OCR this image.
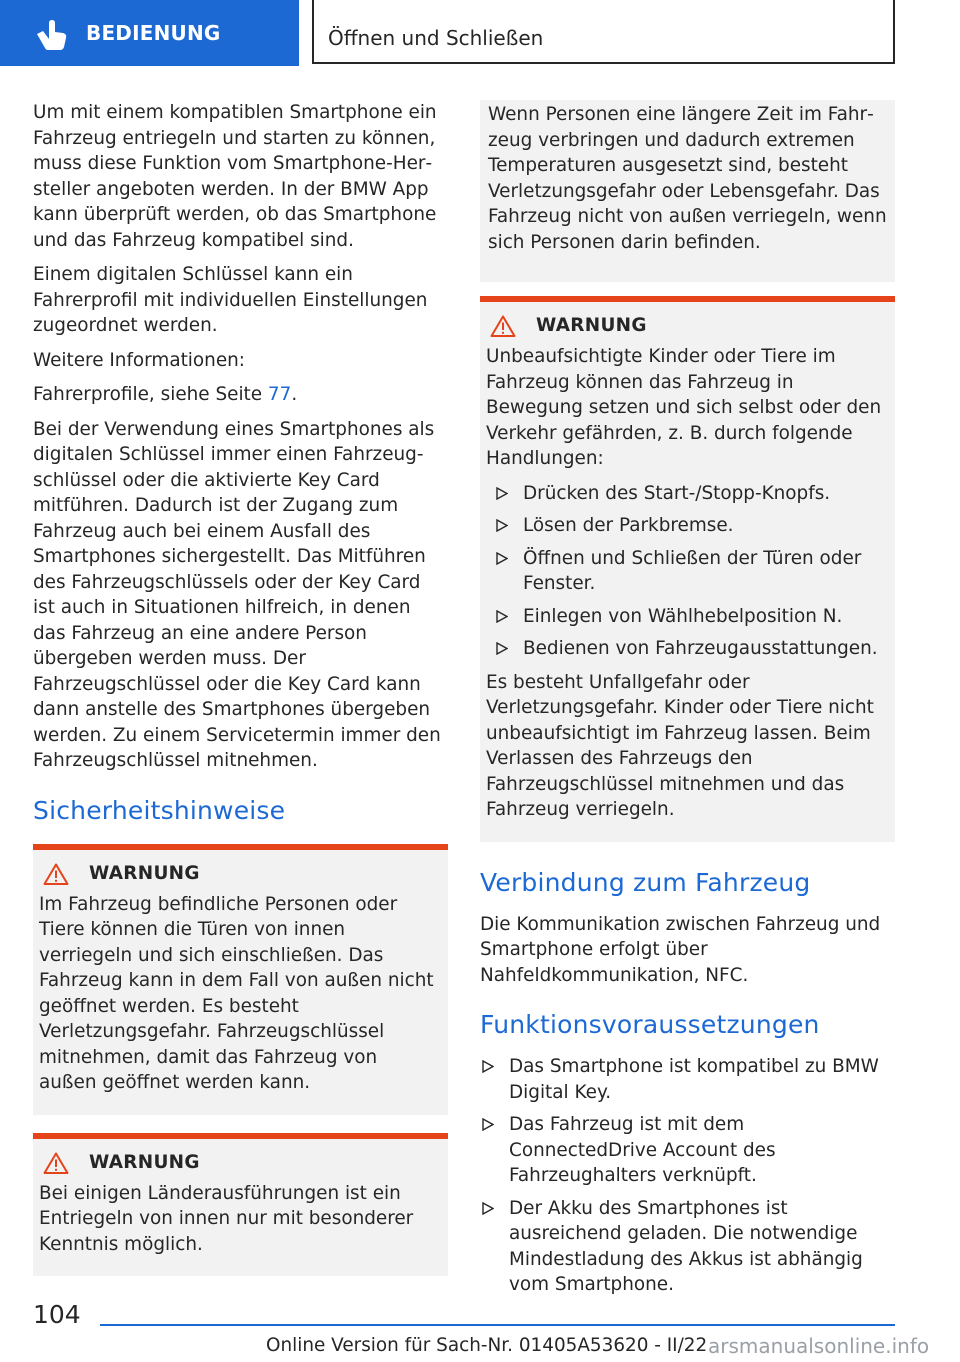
BEDIENUNG	Öffnen und Schließen

Um mit einem kompatiblen Smartphone ein Fahrzeug entriegeln und starten zu können, muss diese Funktion vom Smartphone-Hersteller angeboten werden. In der BMW App kann überprüft werden, ob das Smartphone und das Fahrzeug kompatibel sind.

Einem digitalen Schlüssel kann ein Fahrerprofil mit individuellen Einstellungen zugeordnet werden.

Weitere Informationen:

Fahrerprofile, siehe Seite 77.

Bei der Verwendung eines Smartphones als digitalen Schlüssel immer einen Fahrzeugschlüssel oder die aktivierte Key Card mitführen. Dadurch ist der Zugang zum Fahrzeug auch bei einem Ausfall des Smartphones sichergestellt. Das Mitführen des Fahrzeugschlüssels oder der Key Card ist auch in Situationen hilfreich, in denen das Fahrzeug an eine andere Person übergeben werden muss. Der Fahrzeugschlüssel oder die Key Card kann dann anstelle des Smartphones übergeben werden. Zu einem Servicetermin immer den Fahrzeugschlüssel mitnehmen.

Sicherheitshinweise
WARNUNG

Im Fahrzeug befindliche Personen oder Tiere können die Türen von innen verriegeln und sich einschließen. Das Fahrzeug kann in dem Fall von außen nicht geöffnet werden. Es besteht Verletzungsgefahr. Fahrzeugschlüssel mitnehmen, damit das Fahrzeug von außen geöffnet werden kann.

WARNUNG

Bei einigen Länderausführungen ist ein Entriegeln von innen nur mit besonderer Kenntnis möglich.

Wenn Personen eine längere Zeit im Fahrzeug verbringen und dadurch extremen Temperaturen ausgesetzt sind, besteht Verletzungsgefahr oder Lebensgefahr. Das Fahrzeug nicht von außen verriegeln, wenn sich Personen darin befinden.

WARNUNG

Unbeaufsichtigte Kinder oder Tiere im Fahrzeug können das Fahrzeug in Bewegung setzen und sich selbst oder den Verkehr gefährden, z. B. durch folgende Handlungen:

Drücken des Start-/Stopp-Knopfs.
Lösen der Parkbremse.
Öffnen und Schließen der Türen oder Fenster.
Einlegen von Wählhebelposition N.
Bedienen von Fahrzeugausstattungen.

Es besteht Unfallgefahr oder Verletzungsgefahr. Kinder oder Tiere nicht unbeaufsichtigt im Fahrzeug lassen. Beim Verlassen des Fahrzeugs den Fahrzeugschlüssel mitnehmen und das Fahrzeug verriegeln.

Verbindung zum Fahrzeug

Die Kommunikation zwischen Fahrzeug und Smartphone erfolgt über Nahfeldkommunikation, NFC.

Funktionsvoraussetzungen
Das Smartphone ist kompatibel zu BMW Digital Key.
Das Fahrzeug ist mit dem ConnectedDrive Account des Fahrzeughalters verknüpft.
Der Akku des Smartphones ist ausreichend geladen. Die notwendige Mindestladung des Akkus ist abhängig vom Smartphone.
104
Online Version für Sach-Nr. 01405A53620 - II/22 arsmanualsonline.info
